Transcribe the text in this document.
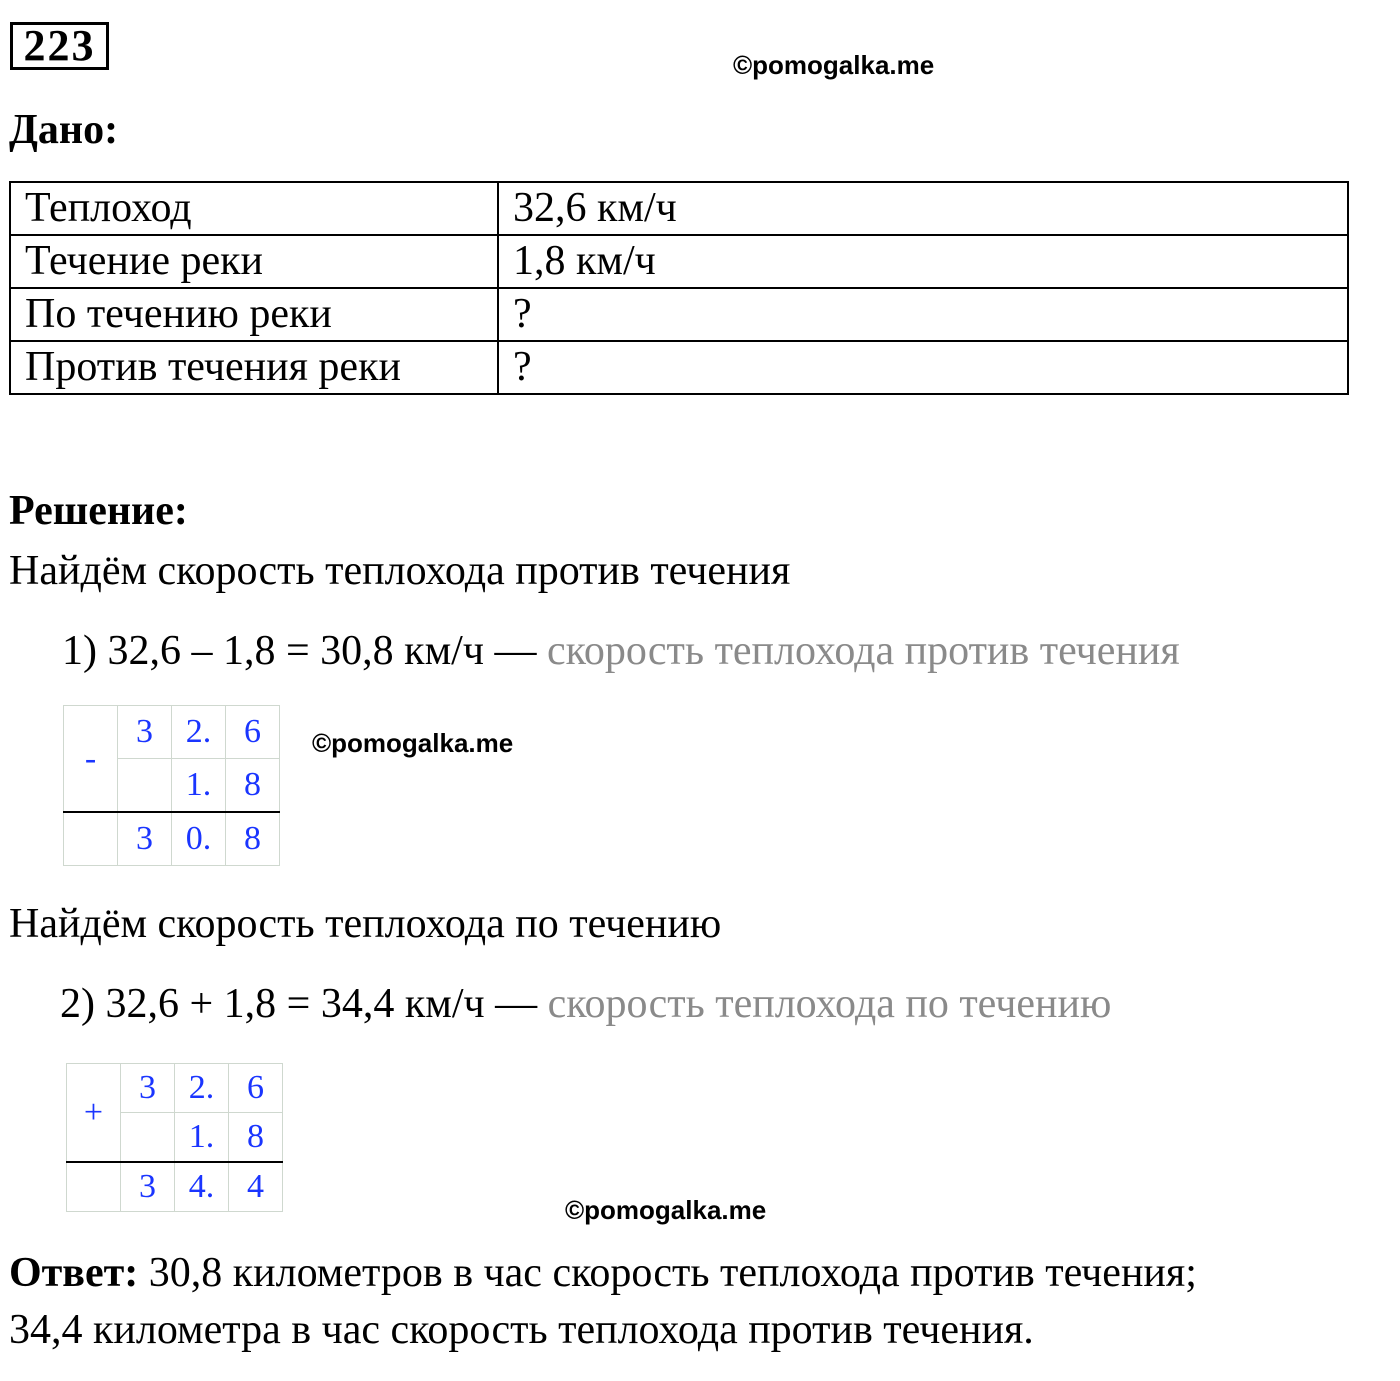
223	©pomogalka.me
Дано:
Теплоход	32,6 км/ч
Течение реки	1,8 км/ч
По течению реки	?
Против течения реки	?
Решение:
Найдём скорость теплохода против течения
1) 32,6 – 1,8 = 30,8 км/ч — скорость теплохода против течения
-	3	2.	6
		1.	8
	3	0.	8
©pomogalka.me
Найдём скорость теплохода по течению
2) 32,6 + 1,8 = 34,4 км/ч — скорость теплохода по течению
+	3	2.	6
		1.	8
	3	4.	4
©pomogalka.me
Ответ: 30,8 километров в час скорость теплохода против течения;
34,4 километра в час скорость теплохода против течения.
